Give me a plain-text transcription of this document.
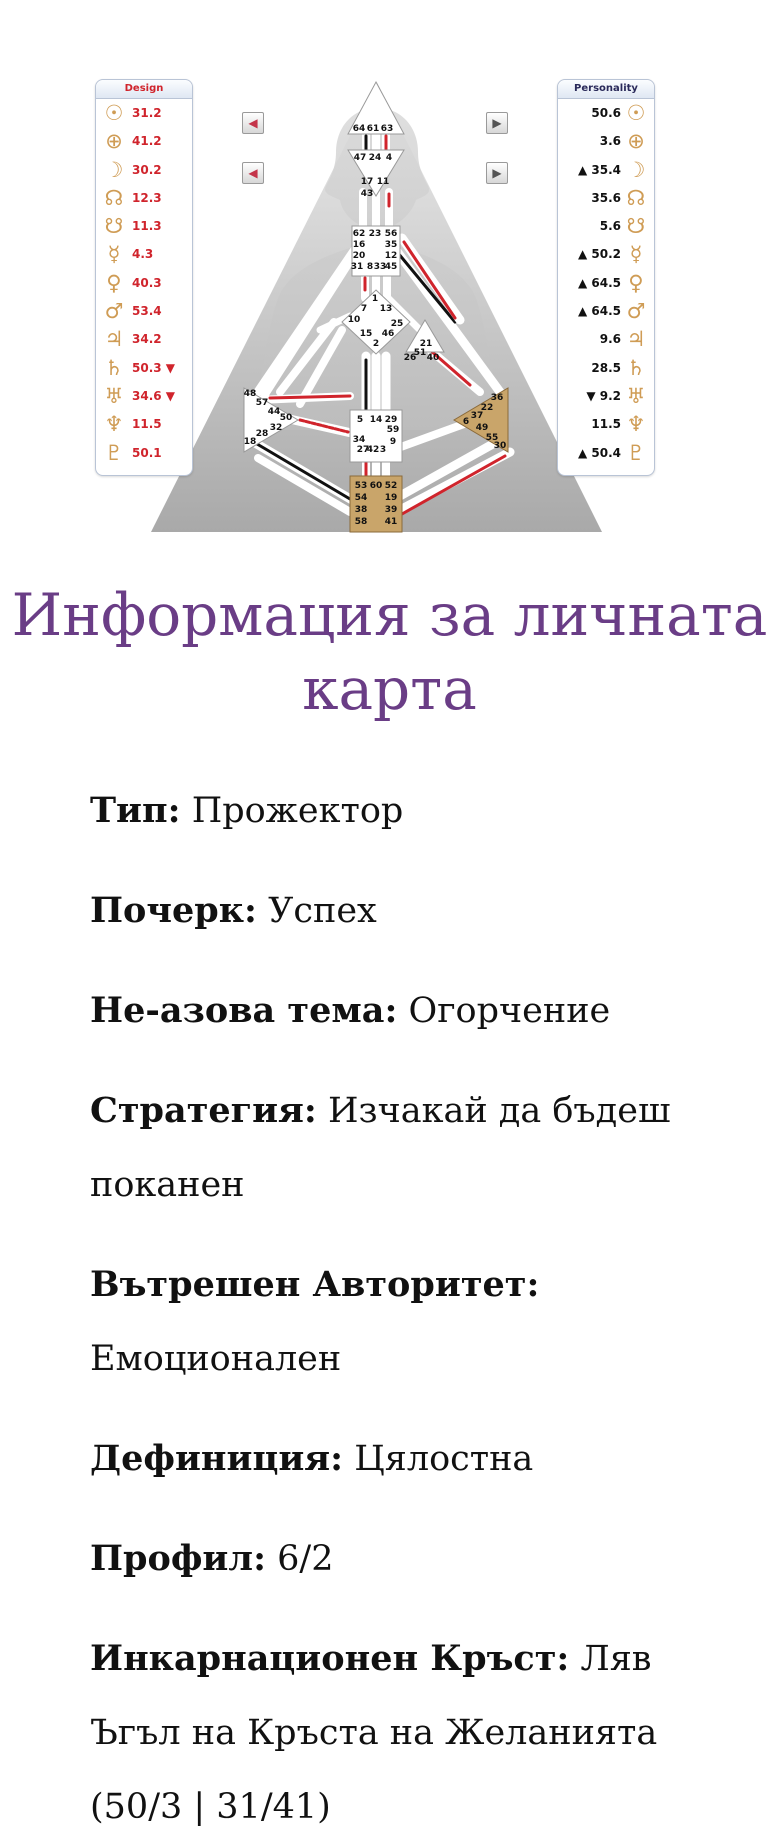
64 61 63
47 24 4
17 11
43
62 23 56
16 35
20 12
31 8 33
45
1
7 13
10
15
2
46
25
21
51
26 40
48
57
44
50
32
28
18
5 14 29
34
27
42 3
9
59
36
22
37
6
49
55
30
53 60 52
54 19
38 39
58 41
◀
◀
▶
▶
Design
☉ 31.2
⊕ 41.2
☽ 30.2
☊ 12.3
☋ 11.3
☿ 4.3
♀ 40.3
♂ 53.4
♃ 34.2
♄ 50.3 ▼
♅ 34.6 ▼
♆ 11.5
♇ 50.1
Personality
☉
50.6
⊕
3.6
☽
▲ 35.4
☊
35.6
☋
5.6
☿
▲ 50.2
♀
▲ 64.5
♂
▲ 64.5
♃
9.6
♄
28.5
♅
▼ 9.2
♆
11.5
♇
▲ 50.4
Информация за личната карта
Тип: Прожектор
Почерк: Успех
Не-азова тема: Огорчение
Стратегия: Изчакай да бъдеш поканен
Вътрешен Авторитет: Емоционален
Дефиниция: Цялостна
Профил: 6/2
Инкарнационен Кръст: Ляв Ъгъл на Кръста на Желанията (50/3 | 31/41)
